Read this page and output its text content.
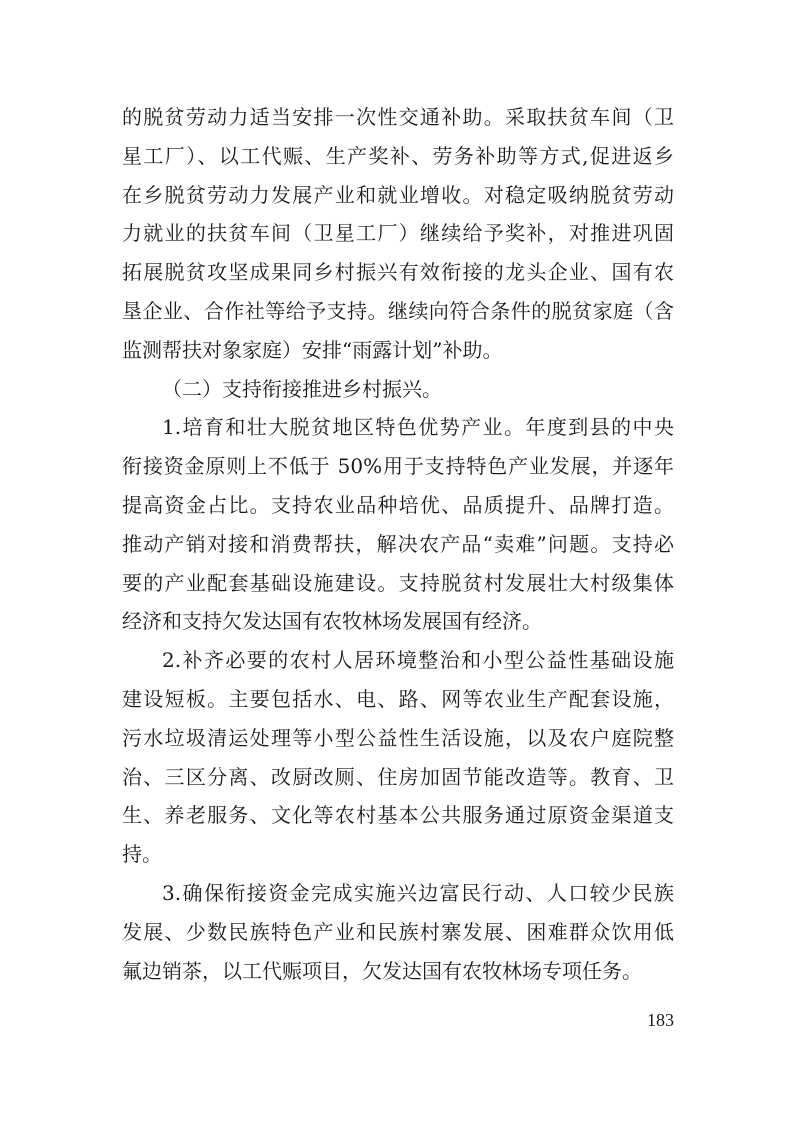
的脱贫劳动力适当安排一次性交通补助。采取扶贫车间（卫
星工厂）、以工代赈、生产奖补、劳务补助等方式,促进返乡
在乡脱贫劳动力发展产业和就业增收。对稳定吸纳脱贫劳动
力就业的扶贫车间（卫星工厂）继续给予奖补，对推进巩固
拓展脱贫攻坚成果同乡村振兴有效衔接的龙头企业、国有农
垦企业、合作社等给予支持。继续向符合条件的脱贫家庭（含
监测帮扶对象家庭）安排“雨露计划”补助。
（二）支持衔接推进乡村振兴。
1.培育和壮大脱贫地区特色优势产业。年度到县的中央
衔接资金原则上不低于 50%用于支持特色产业发展，并逐年
提高资金占比。支持农业品种培优、品质提升、品牌打造。
推动产销对接和消费帮扶，解决农产品“卖难”问题。支持必
要的产业配套基础设施建设。支持脱贫村发展壮大村级集体
经济和支持欠发达国有农牧林场发展国有经济。
2.补齐必要的农村人居环境整治和小型公益性基础设施
建设短板。主要包括水、电、路、网等农业生产配套设施，
污水垃圾清运处理等小型公益性生活设施，以及农户庭院整
治、三区分离、改厨改厕、住房加固节能改造等。教育、卫
生、养老服务、文化等农村基本公共服务通过原资金渠道支
持。
3.确保衔接资金完成实施兴边富民行动、人口较少民族
发展、少数民族特色产业和民族村寨发展、困难群众饮用低
氟边销茶，以工代赈项目，欠发达国有农牧林场专项任务。
183
